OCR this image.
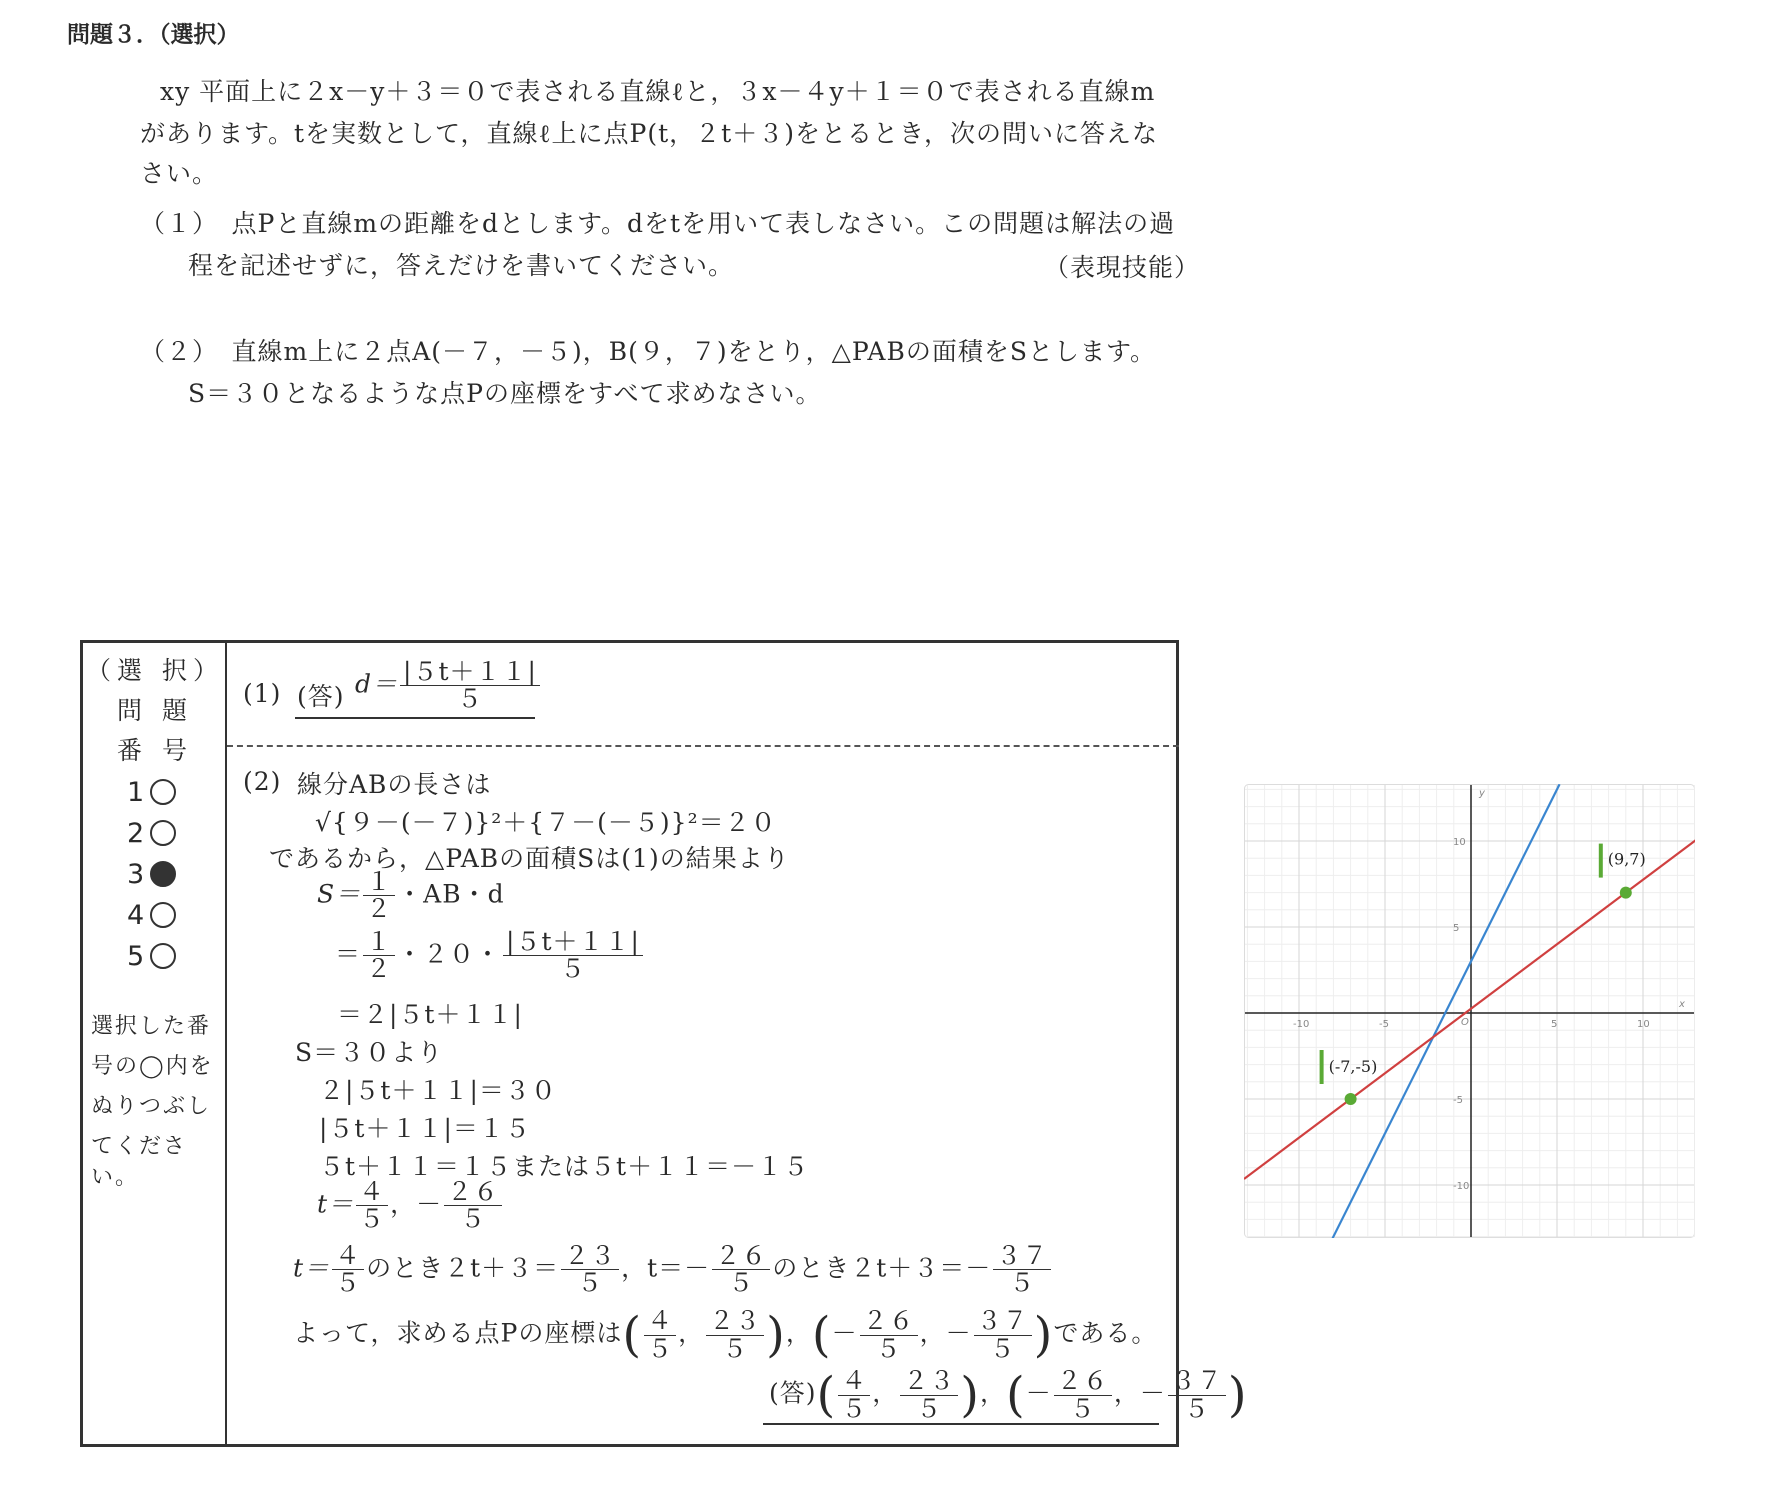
問題３．（選択）
xy 平面上に２x－y＋３＝０で表される直線ℓと，３x－４y＋１＝０で表される直線m
があります。tを実数として，直線ℓ上に点P(t，２t＋３)をとるとき，次の問いに答えな
さい。
（１）　点Pと直線mの距離をdとします。dをtを用いて表しなさい。この問題は解法の過
程を記述せずに，答えだけを書いてください。	（表現技能）
（２）　直線m上に２点A(－７，－５)，B(９，７)をとり，△PABの面積をSとします。
S＝３０となるような点Pの座標をすべて求めなさい。
（選 択）
問 題
番 号
1
2
3
4
5
選択した番
号の◯内を
ぬりつぶし
てください。
(1) (答) $d= \frac{|5t+11|}{5}$
(2) 線分ABの長さは
√{９－(－７)}²＋{７－(－５)}²＝２０
であるから，△PABの面積Sは(1)の結果より
$S= \frac{1}{2}$ ・AB・d
＝ $\frac{1}{2}$ ・２０・ $\frac{|5t+11|}{5}$
＝２|５t＋１１|
S＝３０より
２|５t＋１１|＝３０
|５t＋１１|＝１５
５t＋１１＝１５または５t＋１１＝－１５
$t= \frac{4}{5}$ ，－ $\frac{26}{5}$
$t= \frac{4}{5}$ のとき$2t+3= \frac{23}{5}$ ，$t=- \frac{26}{5}$ のとき$2t+3=- \frac{37}{5}$
よって，求める点Pの座標は( $\frac{4}{5}$ ， $\frac{23}{5}$ )，(－ $\frac{26}{5}$ ，－ $\frac{37}{5}$ )である。
(答)( $\frac{4}{5}$ ， $\frac{23}{5}$ )，(－ $\frac{26}{5}$ ，－ $\frac{37}{5}$ )
-10	-5	5	10
10
5
-5
-10
(-7,-5)
(9,7)
x
y
O
